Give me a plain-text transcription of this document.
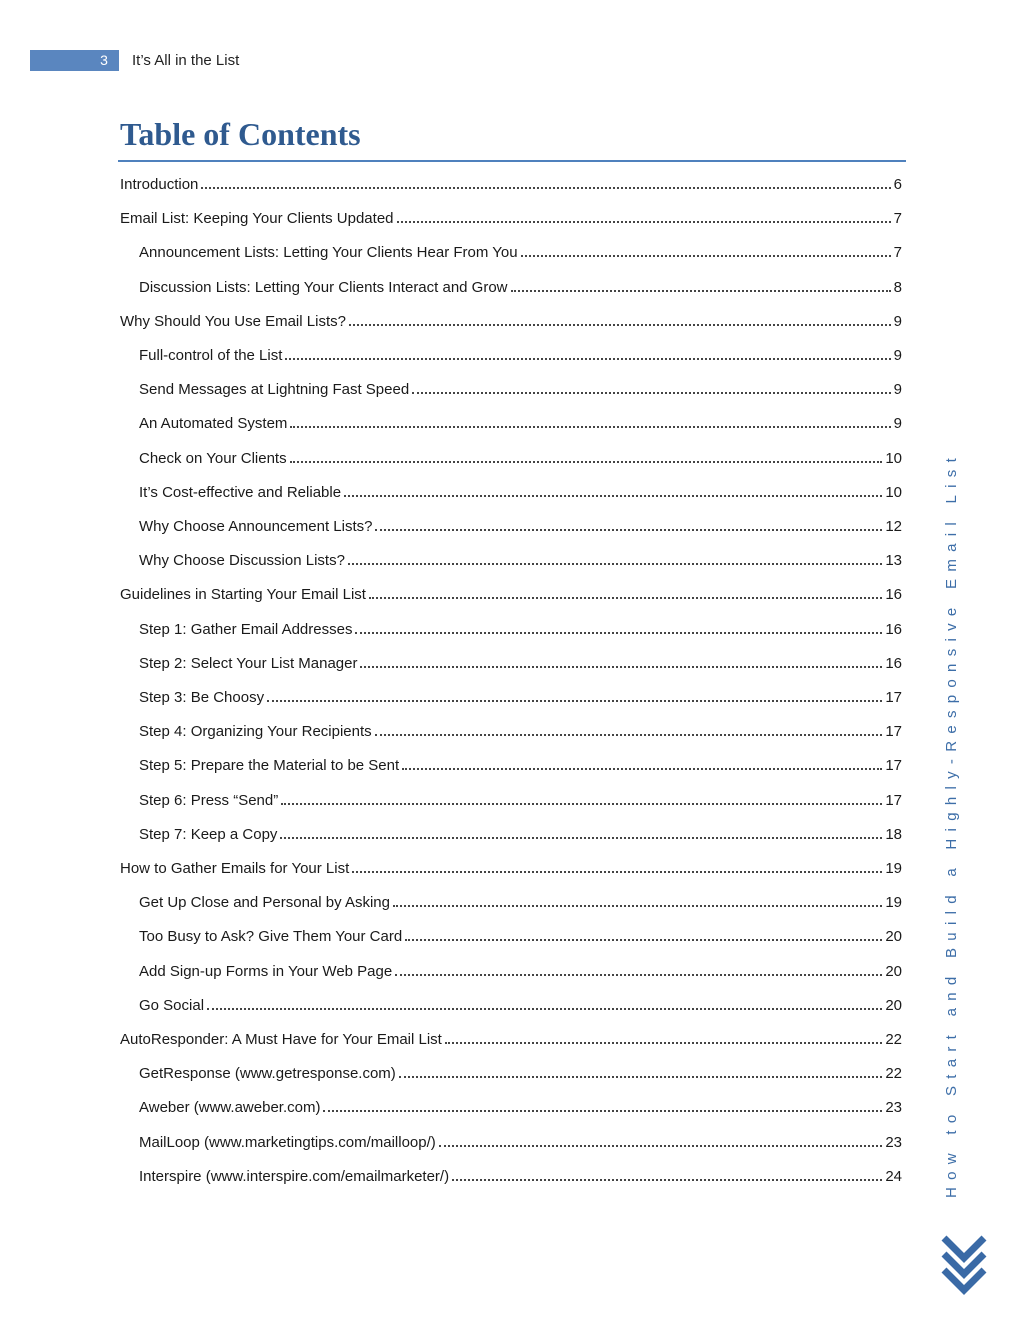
3 It’s All in the List
Table of Contents
Introduction	6
Email List: Keeping Your Clients Updated	7
Announcement Lists: Letting Your Clients Hear From You	7
Discussion Lists: Letting Your Clients Interact and Grow	8
Why Should You Use Email Lists?	9
Full-control of the List	9
Send Messages at Lightning Fast Speed	9
An Automated System	9
Check on Your Clients	10
It’s Cost-effective and Reliable	10
Why Choose Announcement Lists?	12
Why Choose Discussion Lists?	13
Guidelines in Starting Your Email List	16
Step 1: Gather Email Addresses	16
Step 2: Select Your List Manager	16
Step 3: Be Choosy	17
Step 4: Organizing Your Recipients	17
Step 5: Prepare the Material to be Sent	17
Step 6: Press “Send”	17
Step 7: Keep a Copy	18
How to Gather Emails for Your List	19
Get Up Close and Personal by Asking	19
Too Busy to Ask? Give Them Your Card	20
Add Sign-up Forms in Your Web Page	20
Go Social	20
AutoResponder: A Must Have for Your Email List	22
GetResponse (www.getresponse.com)	22
Aweber (www.aweber.com)	23
MailLoop (www.marketingtips.com/mailloop/)	23
Interspire (www.interspire.com/emailmarketer/)	24	How to Start and Build a Highly-Responsive Email List
